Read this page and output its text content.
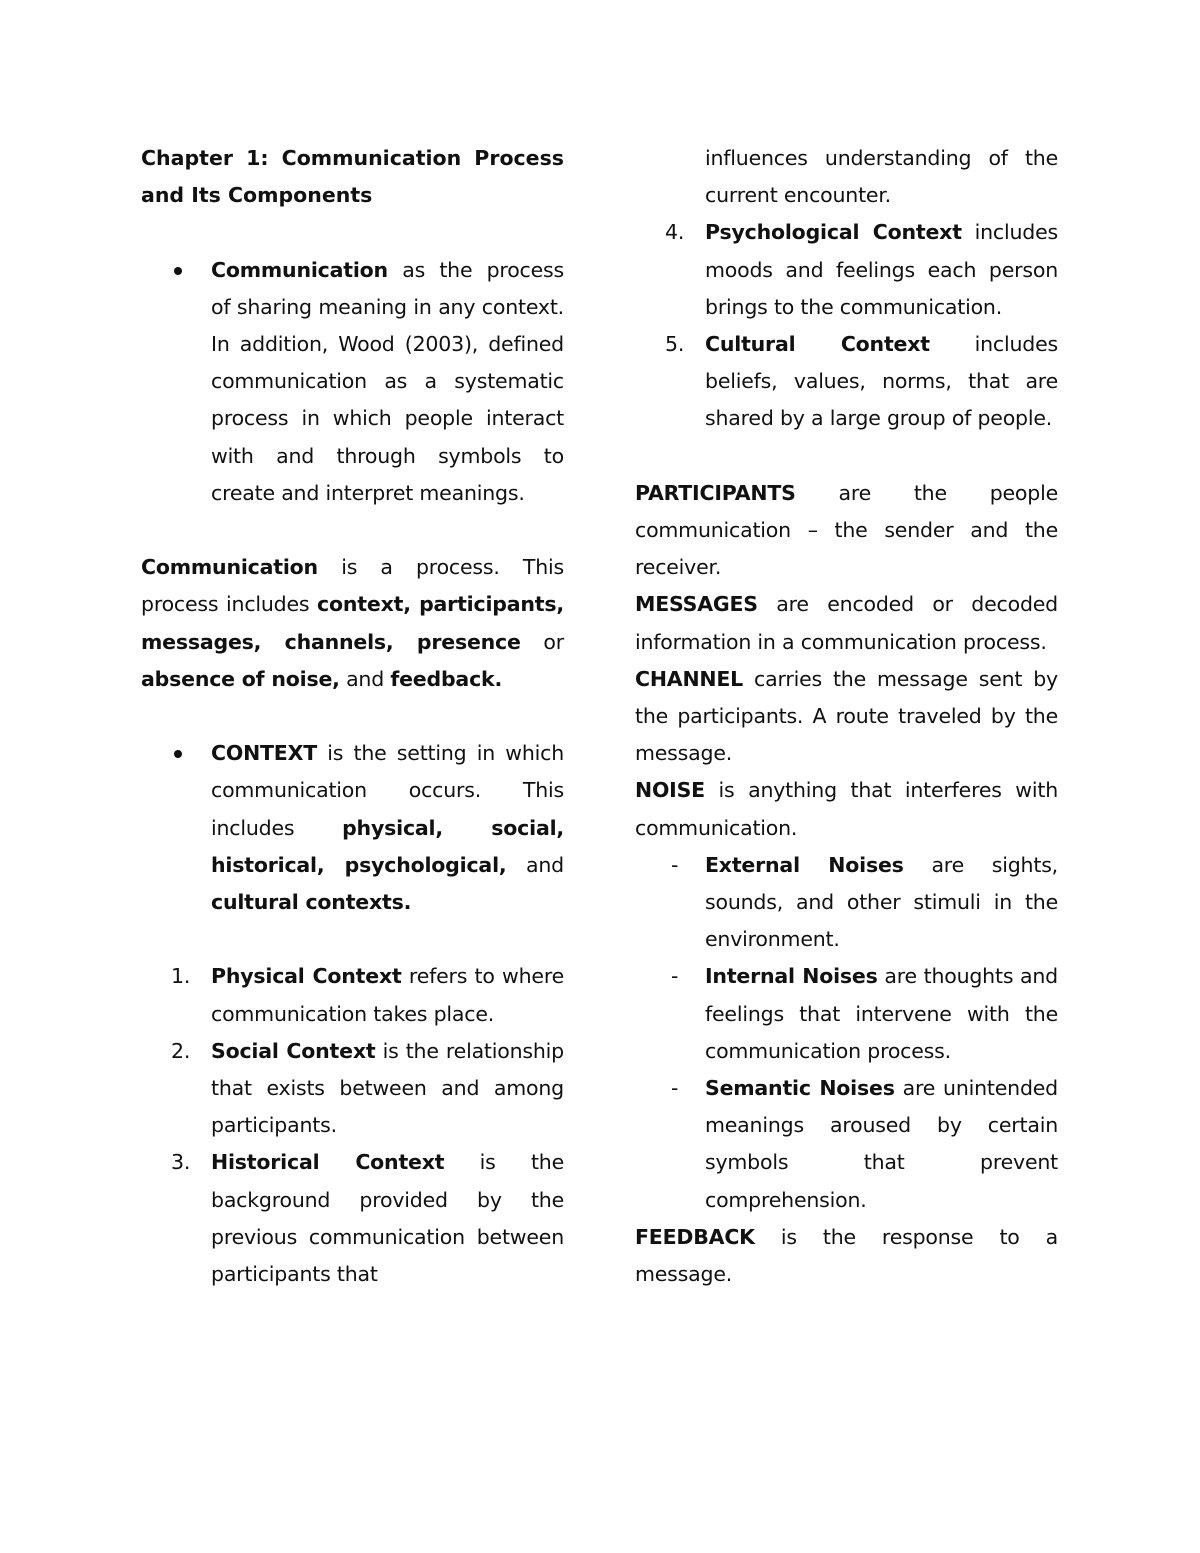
Chapter 1: Communication Process and Its Components
Communication as the process of sharing meaning in any context. In addition, Wood (2003), defined communication as a systematic process in which people interact with and through symbols to create and interpret meanings.
Communication is a process. This process includes context, participants, messages, channels, presence or absence of noise, and feedback.
CONTEXT is the setting in which communication occurs. This includes physical, social, historical, psychological, and cultural contexts.
1. Physical Context refers to where communication takes place.
2. Social Context is the relationship that exists between and among participants.
3. Historical Context is the background provided by the previous communication between participants that
influences understanding of the current encounter.
4. Psychological Context includes moods and feelings each person brings to the communication.
5. Cultural Context includes beliefs, values, norms, that are shared by a large group of people.
PARTICIPANTS are the people communication – the sender and the receiver.
MESSAGES are encoded or decoded information in a communication process.
CHANNEL carries the message sent by the participants. A route traveled by the message.
NOISE is anything that interferes with communication.
- External Noises are sights, sounds, and other stimuli in the environment.
- Internal Noises are thoughts and feelings that intervene with the communication process.
- Semantic Noises are unintended meanings aroused by certain symbols that prevent comprehension.
FEEDBACK is the response to a message.
